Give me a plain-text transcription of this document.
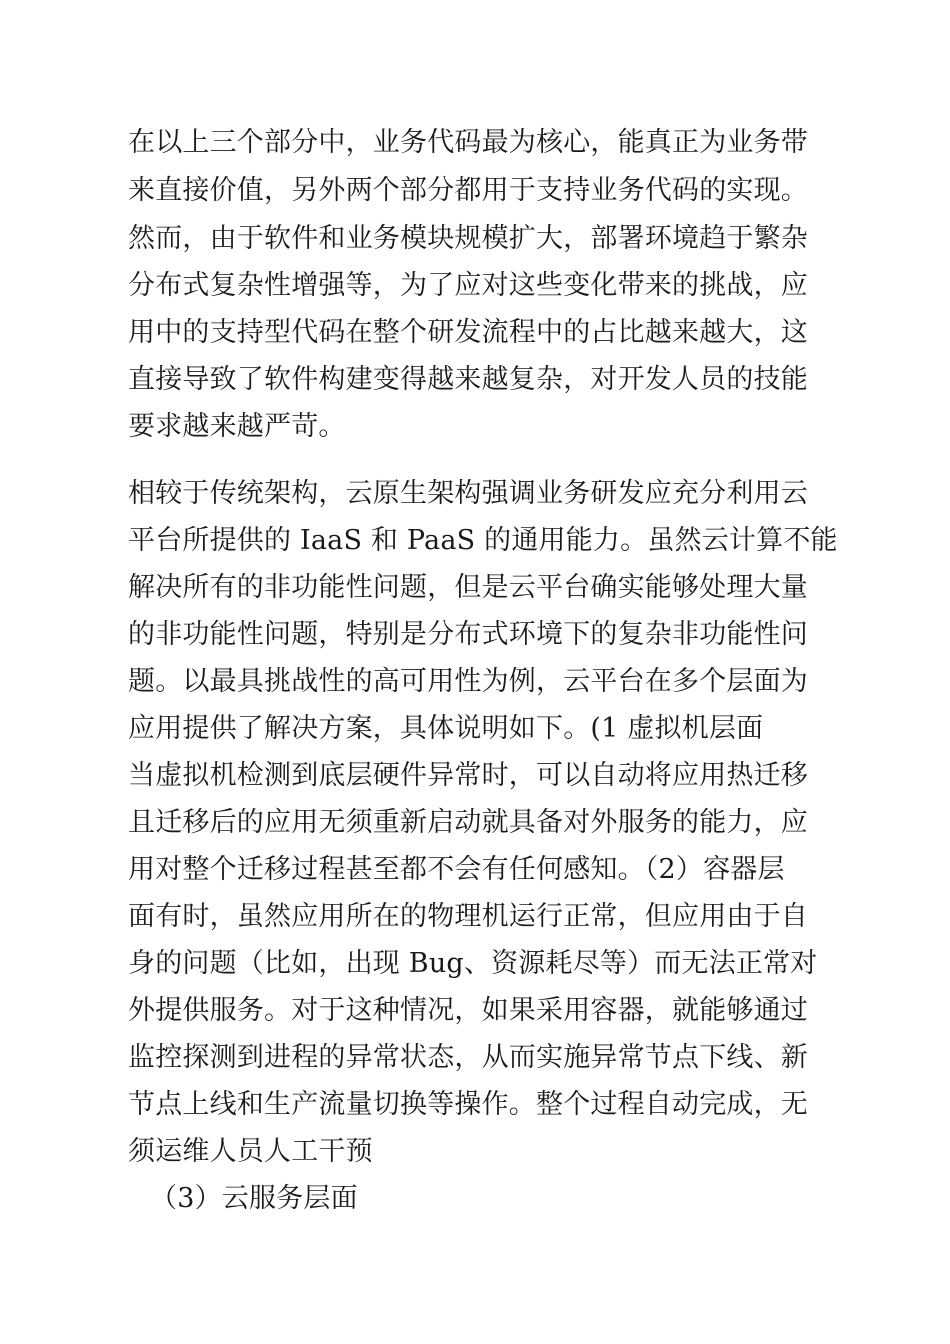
在以上三个部分中，业务代码最为核心，能真正为业务带
来直接价值，另外两个部分都用于支持业务代码的实现。
然而，由于软件和业务模块规模扩大，部署环境趋于繁杂
分布式复杂性增强等，为了应对这些变化带来的挑战，应
用中的支持型代码在整个研发流程中的占比越来越大，这
直接导致了软件构建变得越来越复杂，对开发人员的技能
要求越来越严苛。
相较于传统架构，云原生架构强调业务研发应充分利用云
平台所提供的 IaaS 和 PaaS 的通用能力。虽然云计算不能
解决所有的非功能性问题，但是云平台确实能够处理大量
的非功能性问题，特别是分布式环境下的复杂非功能性问
题。以最具挑战性的高可用性为例，云平台在多个层面为
应用提供了解决方案，具体说明如下。(1 虚拟机层面
当虚拟机检测到底层硬件异常时，可以自动将应用热迁移
且迁移后的应用无须重新启动就具备对外服务的能力，应
用对整个迁移过程甚至都不会有任何感知。（2）容器层
面有时，虽然应用所在的物理机运行正常，但应用由于自
身的问题（比如，出现 Bug、资源耗尽等）而无法正常对
外提供服务。对于这种情况，如果采用容器，就能够通过
监控探测到进程的异常状态，从而实施异常节点下线、新
节点上线和生产流量切换等操作。整个过程自动完成，无
须运维人员人工干预
（3）云服务层面
